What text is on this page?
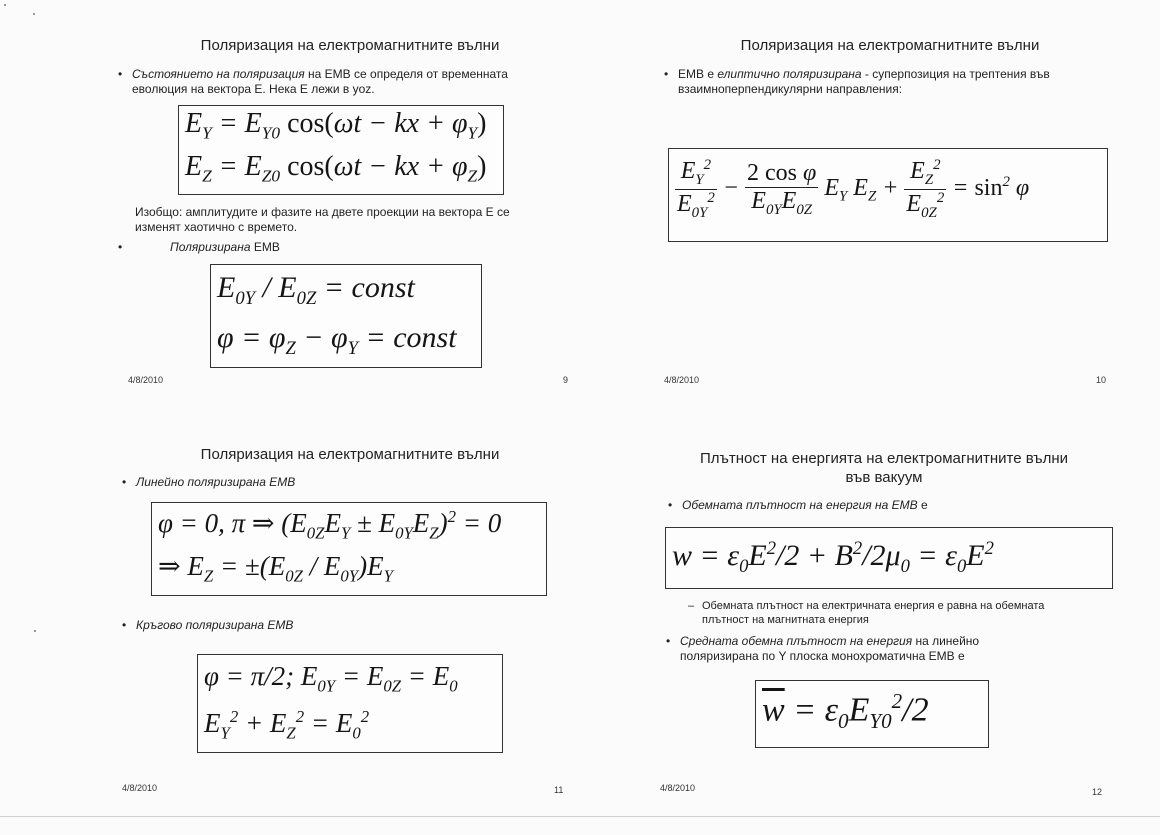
Поляризация на електромагнитните вълни
• Състоянието на поляризация на ЕМВ се определя от временната
еволюция на вектора Е. Нека Е лежи в yoz.
$E_Y = E_{Y0}$ cos(ωt − kx + $\varphi_Y$)
$E_Z = E_{Z0}$ cos(ωt − kx + $\varphi_Z$)
Изобщо: амплитудите и фазите на двете проекции на вектора Е се
изменят хаотично с времето.
•	Поляризирана ЕМВ
$E_{0Y} / E_{0Z}$ = const
$\varphi = \varphi_Z - \varphi_Y$ = const
4/8/2010	9
Поляризация на електромагнитните вълни
• ЕМВ е елиптично поляризирана - суперпозиция на трептения във
взаимноперпендикулярни направления:
$\frac{E_Y^2}{E_{0Y}^2} - \frac{\text{2 cos φ}}{E_{0Y}E_{0Z}} E_Y$ $E_Z + \frac{E_Z^2}{E_{0Z}^2} = \sin^2 \varphi$
4/8/2010	10
Поляризация на електромагнитните вълни
• Линейно поляризирана ЕМВ
φ = 0, π ⇒ $(E_{0Z}E_Y \pm E_{0Y}E_Z)^2 = 0$
⇒ $E_Z = \pm(E_{0Z} / E_{0Y})E_Y$
• Кръгово поляризирана ЕМВ
φ = π/2; $E_{0Y} = E_{0Z} = E_0$
$E_Y^2 + E_Z^2 = E_0^2$
4/8/2010	11
Плътност на енергията на електромагнитните вълни
във вакуум
• Обемната плътност на енергия на ЕМВ е
$w = \varepsilon_0E^2/2 + B^2/2\mu_0 = \varepsilon_0E^2$
– Обемната плътност на електричната енергия е равна на обемната
плътност на магнитната енергия
• Средната обемна плътност на енергия на линейно
поляризирана по Y плоска монохроматична ЕМВ е
$\overline{w} = \varepsilon_0E_{Y0}^2/2$
4/8/2010	12
